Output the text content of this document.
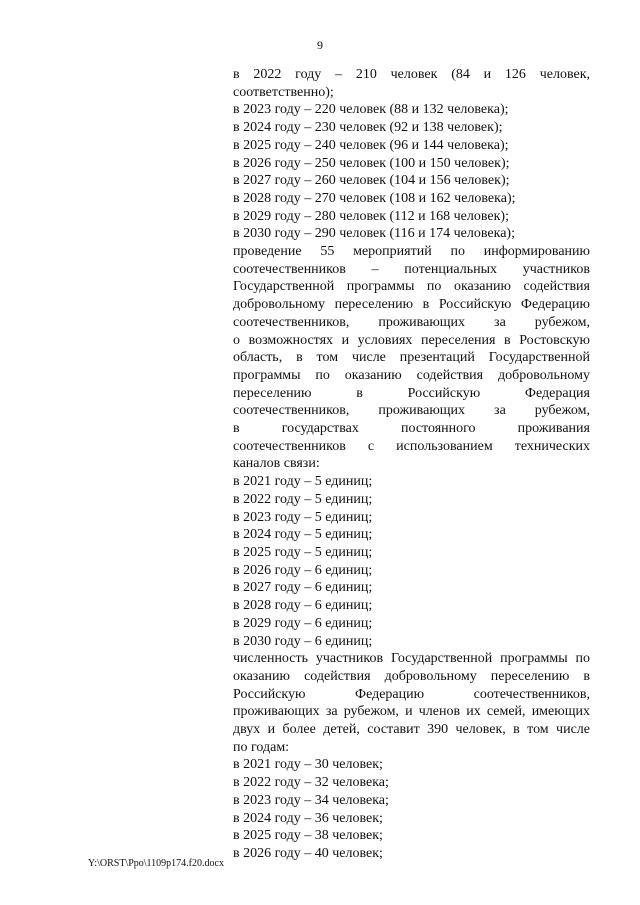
9
в 2022 году – 210 человек (84 и 126 человек,
соответственно);
в 2023 году – 220 человек (88 и 132 человека);
в 2024 году – 230 человек (92 и 138 человек);
в 2025 году – 240 человек (96 и 144 человека);
в 2026 году – 250 человек (100 и 150 человек);
в 2027 году – 260 человек (104 и 156 человек);
в 2028 году – 270 человек (108 и 162 человека);
в 2029 году – 280 человек (112 и 168 человек);
в 2030 году – 290 человек (116 и 174 человека);
проведение 55 мероприятий по информированию
соотечественников – потенциальных участников
Государственной программы по оказанию содействия
добровольному переселению в Российскую Федерацию
соотечественников, проживающих за рубежом,
о возможностях и условиях переселения в Ростовскую
область, в том числе презентаций Государственной
программы по оказанию содействия добровольному
переселению в Российскую Федерация
соотечественников, проживающих за рубежом,
в государствах постоянного проживания
соотечественников с использованием технических
каналов связи:
в 2021 году – 5 единиц;
в 2022 году – 5 единиц;
в 2023 году – 5 единиц;
в 2024 году – 5 единиц;
в 2025 году – 5 единиц;
в 2026 году – 6 единиц;
в 2027 году – 6 единиц;
в 2028 году – 6 единиц;
в 2029 году – 6 единиц;
в 2030 году – 6 единиц;
численность участников Государственной программы по
оказанию содействия добровольному переселению в
Российскую Федерацию соотечественников,
проживающих за рубежом, и членов их семей, имеющих
двух и более детей, составит 390 человек, в том числе
по годам:
в 2021 году – 30 человек;
в 2022 году – 32 человека;
в 2023 году – 34 человека;
в 2024 году – 36 человек;
в 2025 году – 38 человек;
в 2026 году – 40 человек;
Y:\ORST\Ppo\1109p174.f20.docx
